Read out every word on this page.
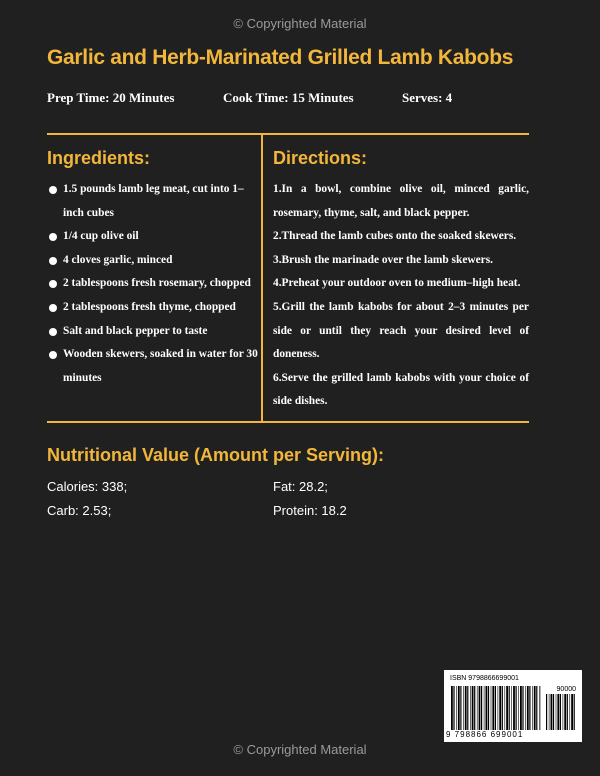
© Copyrighted Material
Garlic and Herb-Marinated Grilled Lamb Kabobs
Prep Time: 20 Minutes	Cook Time: 15 Minutes	Serves: 4
Ingredients:	Directions:
1.5 pounds lamb leg meat, cut into 1–inch cubes
1/4 cup olive oil
4 cloves garlic, minced
2 tablespoons fresh rosemary, chopped
2 tablespoons fresh thyme, chopped
Salt and black pepper to taste
Wooden skewers, soaked in water for 30 minutes
1.In a bowl, combine olive oil, minced garlic, rosemary, thyme, salt, and black pepper.
2.Thread the lamb cubes onto the soaked skewers.
3.Brush the marinade over the lamb skewers.
4.Preheat your outdoor oven to medium–high heat.
5.Grill the lamb kabobs for about 2–3 minutes per side or until they reach your desired level of doneness.
6.Serve the grilled lamb kabobs with your choice of side dishes.
Nutritional Value (Amount per Serving):
Calories: 338;	Fat: 28.2;
Carb: 2.53;	Protein: 18.2
ISBN 9798866699001
90000
9 798866 699001
© Copyrighted Material
